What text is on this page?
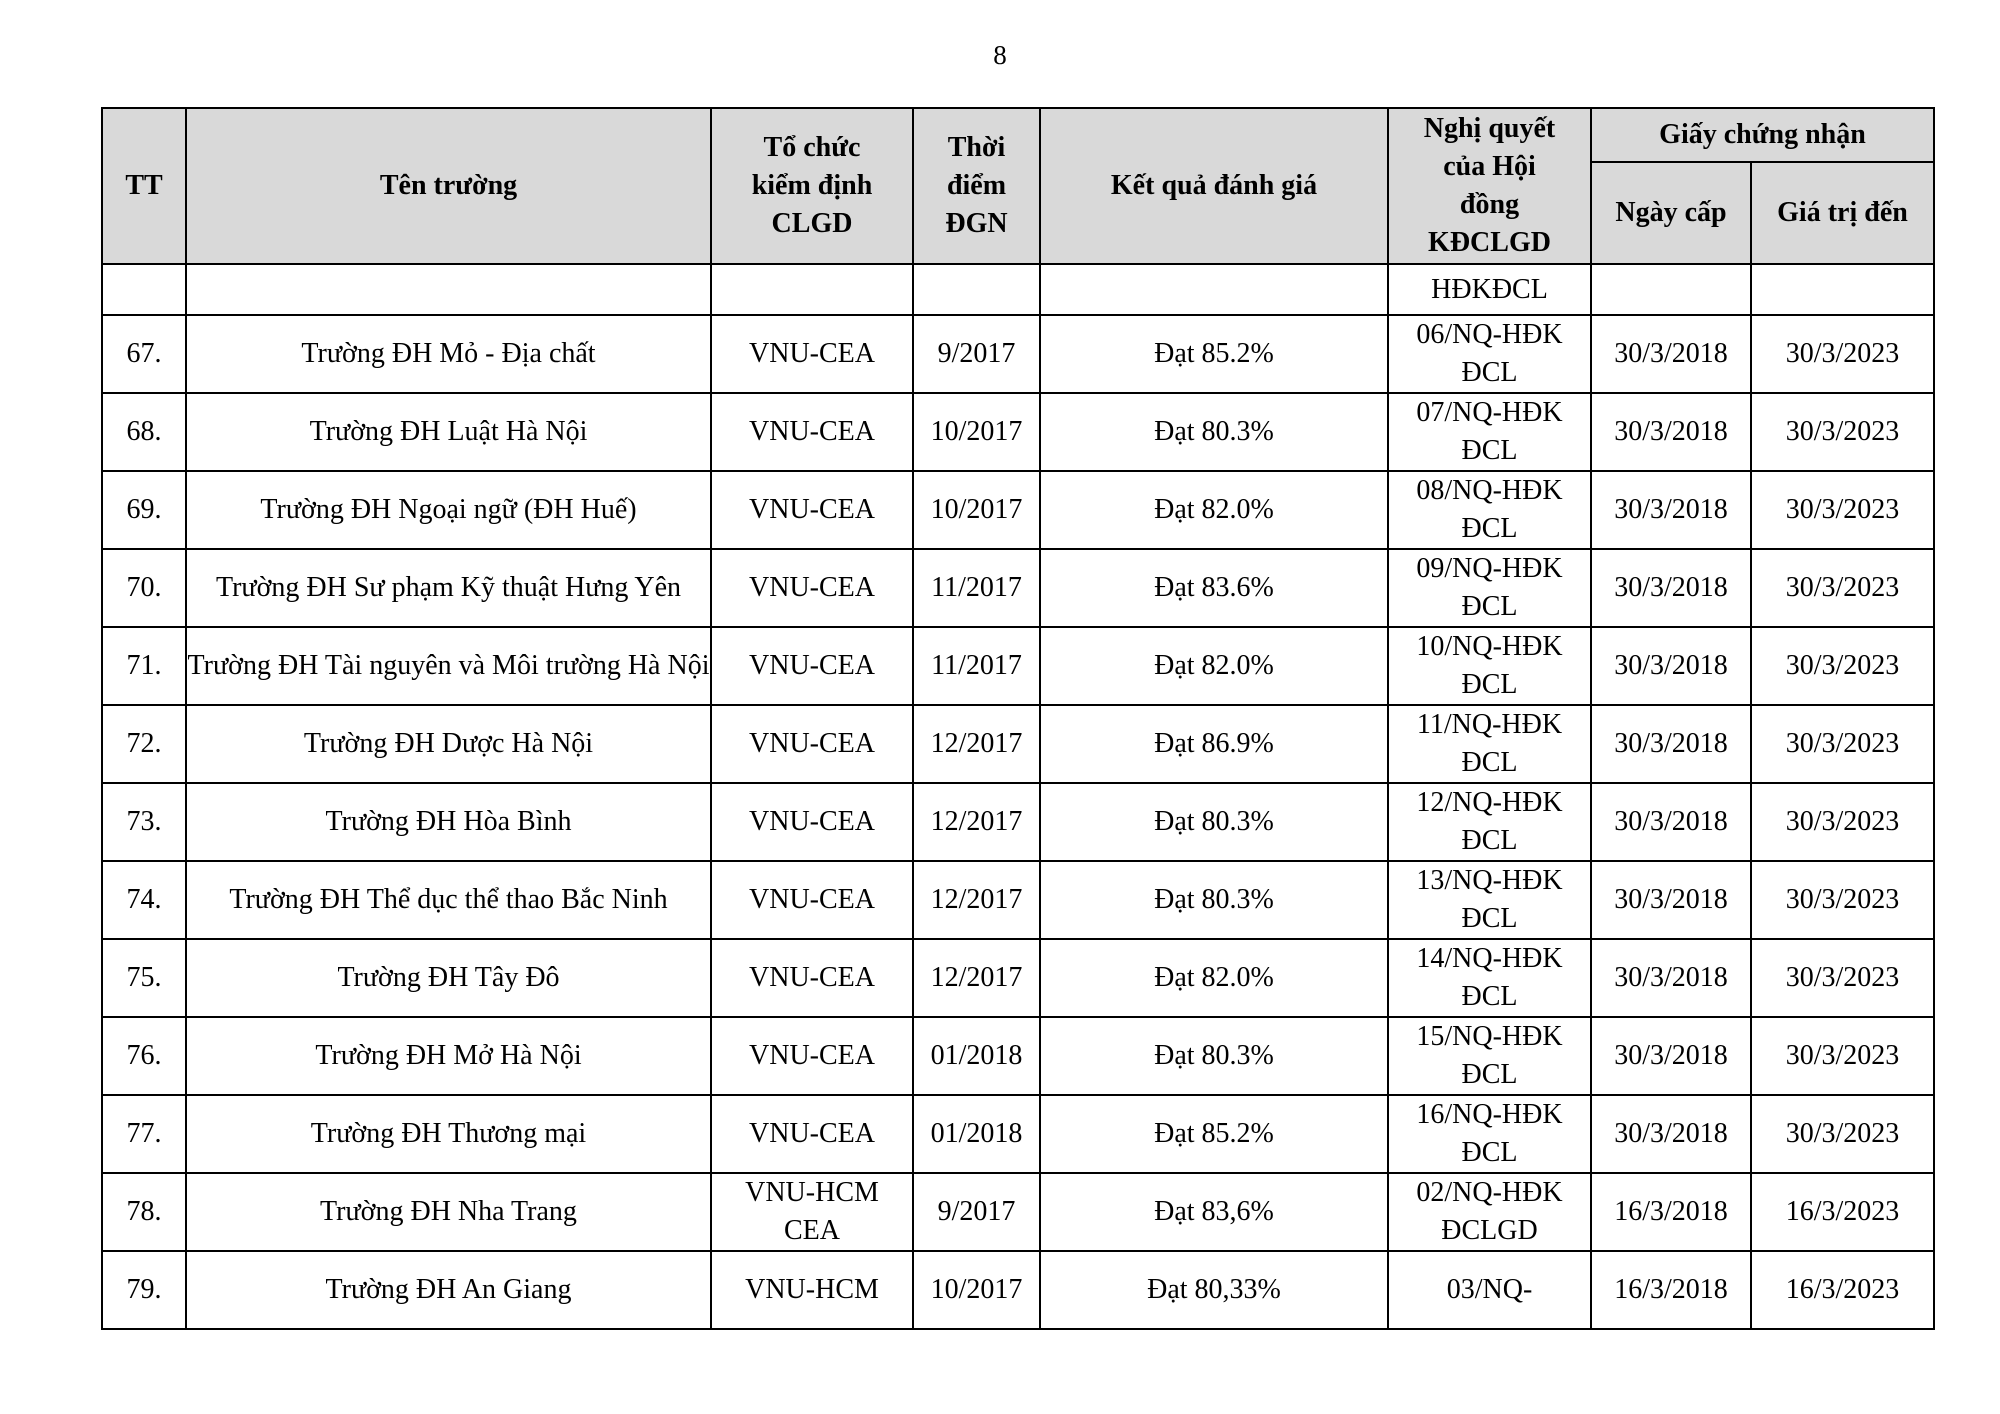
8
TT	Tên trường	Tổ chức kiểm định CLGD	Thời điểm ĐGN	Kết quả đánh giá	Nghị quyết của Hội đồng KĐCLGD	Giấy chứng nhận	
						Ngày cấp	Giá trị đến
					HĐKĐCL		
67.	Trường ĐH Mỏ - Địa chất	VNU-CEA	9/2017	Đạt 85.2%	06/NQ-HĐKĐCL	30/3/2018	30/3/2023
68.	Trường ĐH Luật Hà Nội	VNU-CEA	10/2017	Đạt 80.3%	07/NQ-HĐKĐCL	30/3/2018	30/3/2023
69.	Trường ĐH Ngoại ngữ (ĐH Huế)	VNU-CEA	10/2017	Đạt 82.0%	08/NQ-HĐKĐCL	30/3/2018	30/3/2023
70.	Trường ĐH Sư phạm Kỹ thuật Hưng Yên	VNU-CEA	11/2017	Đạt 83.6%	09/NQ-HĐKĐCL	30/3/2018	30/3/2023
71.	Trường ĐH Tài nguyên và Môi trường Hà Nội	VNU-CEA	11/2017	Đạt 82.0%	10/NQ-HĐKĐCL	30/3/2018	30/3/2023
72.	Trường ĐH Dược Hà Nội	VNU-CEA	12/2017	Đạt 86.9%	11/NQ-HĐKĐCL	30/3/2018	30/3/2023
73.	Trường ĐH Hòa Bình	VNU-CEA	12/2017	Đạt 80.3%	12/NQ-HĐKĐCL	30/3/2018	30/3/2023
74.	Trường ĐH Thể dục thể thao Bắc Ninh	VNU-CEA	12/2017	Đạt 80.3%	13/NQ-HĐKĐCL	30/3/2018	30/3/2023
75.	Trường ĐH Tây Đô	VNU-CEA	12/2017	Đạt 82.0%	14/NQ-HĐKĐCL	30/3/2018	30/3/2023
76.	Trường ĐH Mở Hà Nội	VNU-CEA	01/2018	Đạt 80.3%	15/NQ-HĐKĐCL	30/3/2018	30/3/2023
77.	Trường ĐH Thương mại	VNU-CEA	01/2018	Đạt 85.2%	16/NQ-HĐKĐCL	30/3/2018	30/3/2023
78.	Trường ĐH Nha Trang	VNU-HCM CEA	9/2017	Đạt 83,6%	02/NQ-HĐKĐCLGD	16/3/2018	16/3/2023
79.	Trường ĐH An Giang	VNU-HCM	10/2017	Đạt 80,33%	03/NQ-	16/3/2018	16/3/2023
